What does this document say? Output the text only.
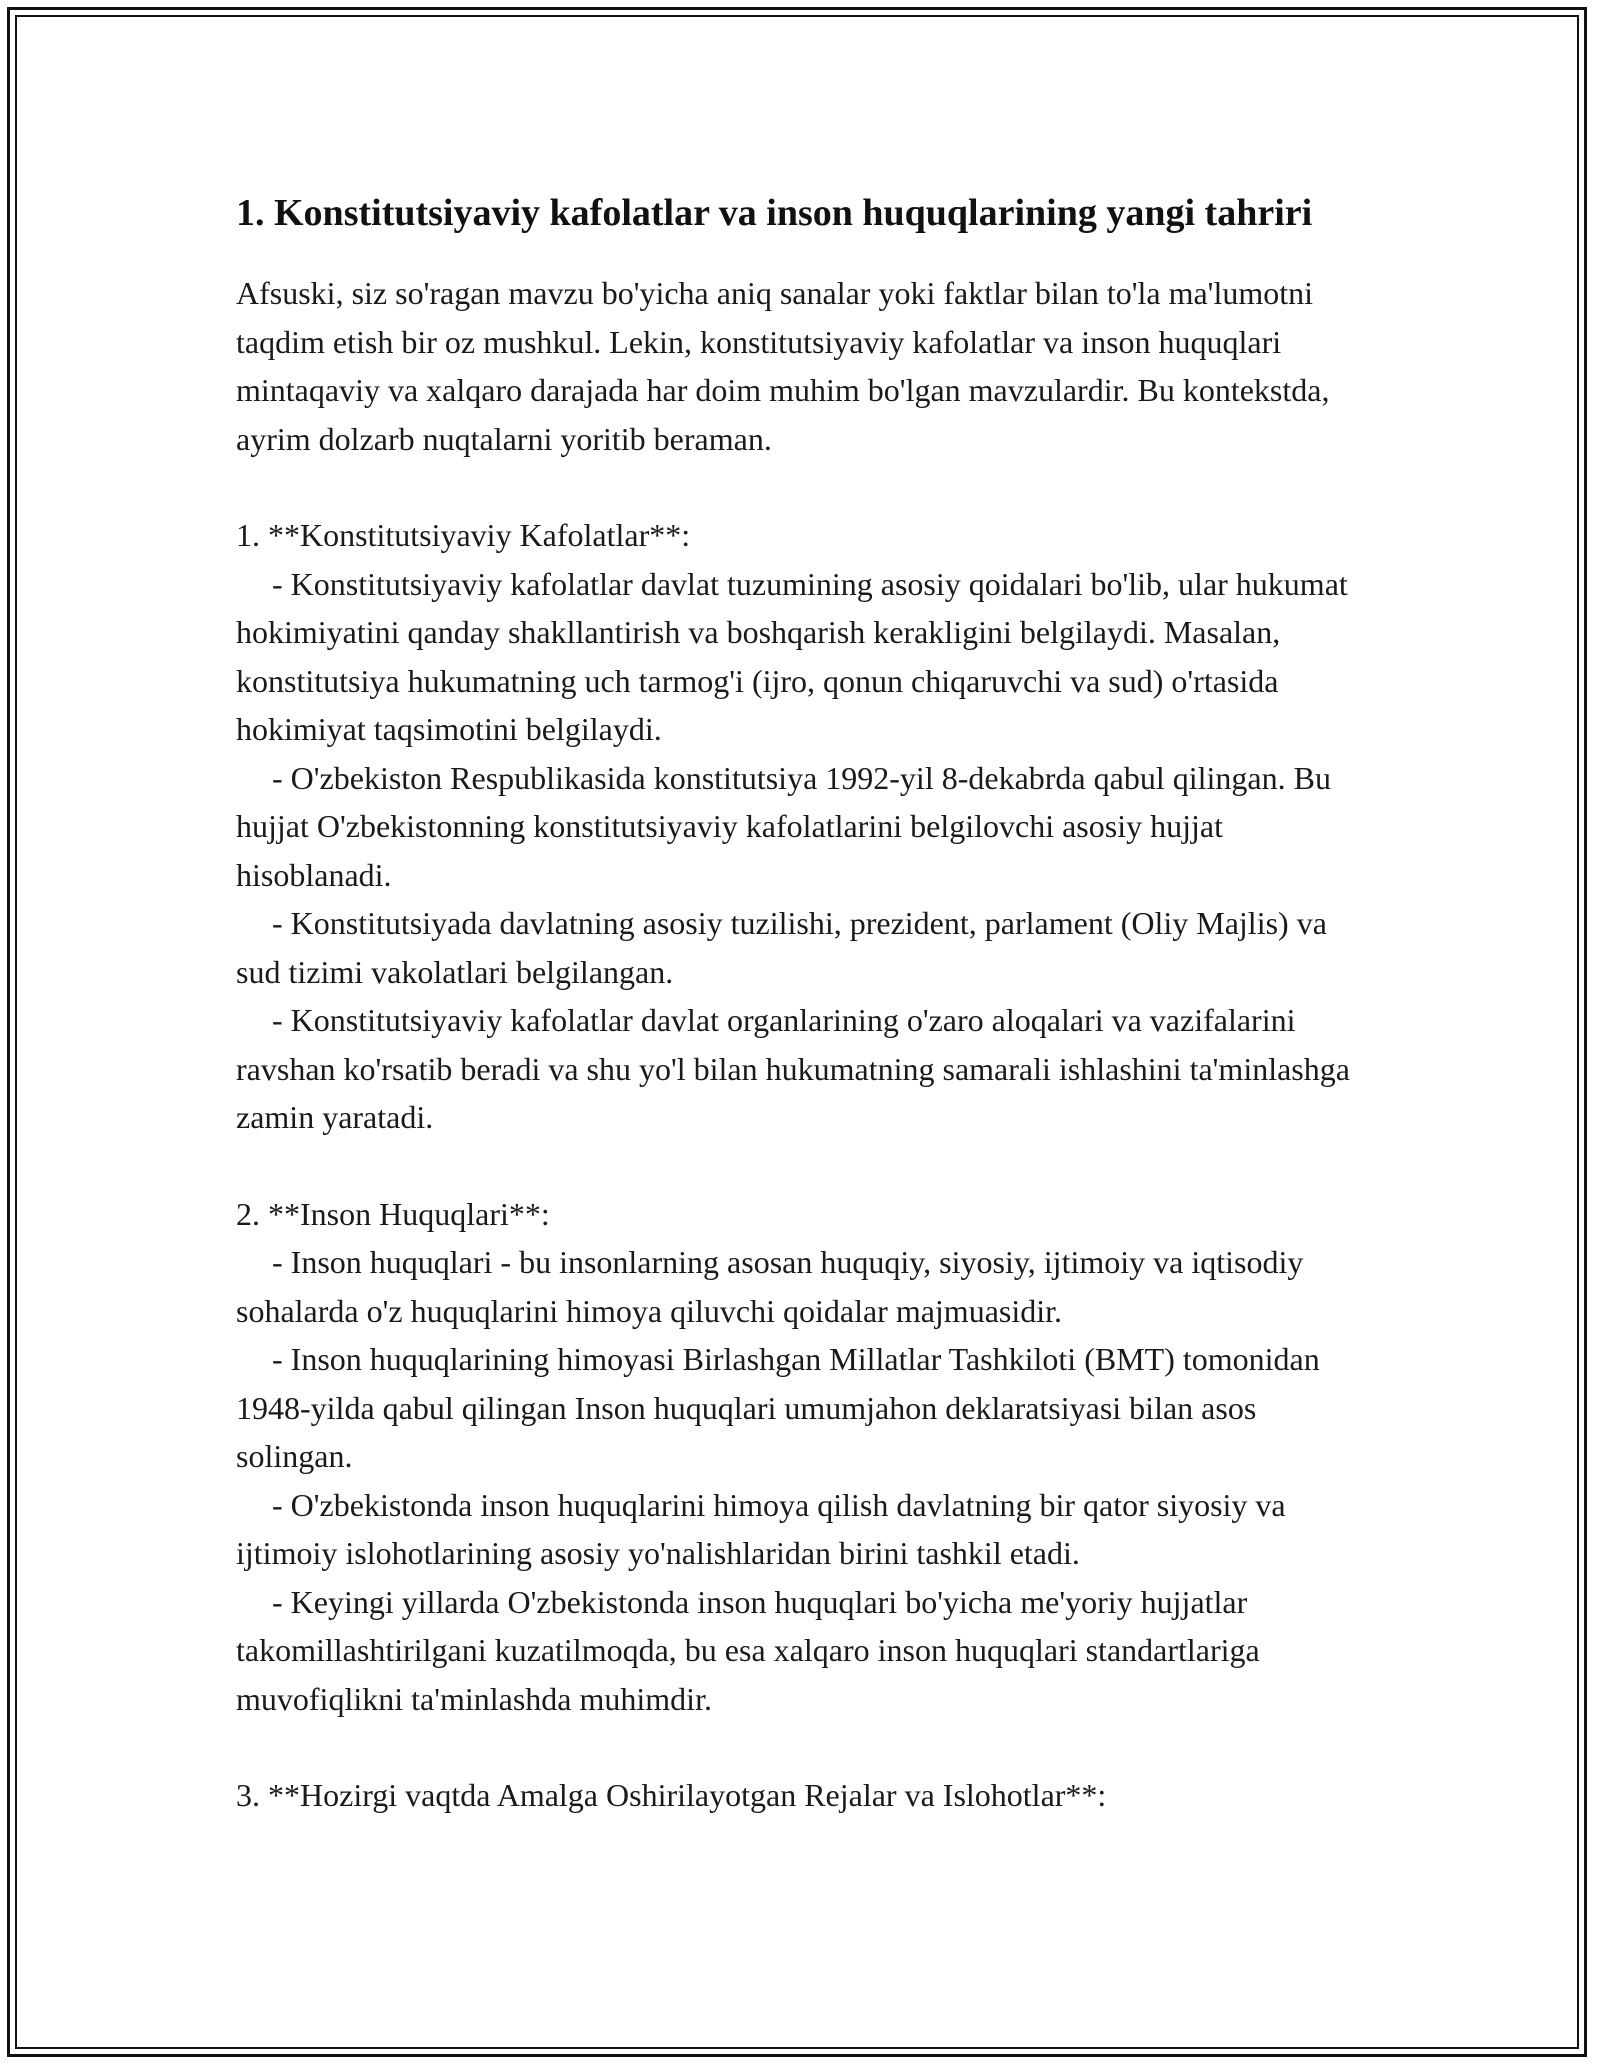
1. Konstitutsiyaviy kafolatlar va inson huquqlarining yangi tahriri

Afsuski, siz so'ragan mavzu bo'yicha aniq sanalar yoki faktlar bilan to'la ma'lumotni taqdim etish bir oz mushkul. Lekin, konstitutsiyaviy kafolatlar va inson huquqlari mintaqaviy va xalqaro darajada har doim muhim bo'lgan mavzulardir. Bu kontekstda, ayrim dolzarb nuqtalarni yoritib beraman.

1. **Konstitutsiyaviy Kafolatlar**:
- Konstitutsiyaviy kafolatlar davlat tuzumining asosiy qoidalari bo'lib, ular hukumat hokimiyatini qanday shakllantirish va boshqarish kerakligini belgilaydi. Masalan, konstitutsiya hukumatning uch tarmog'i (ijro, qonun chiqaruvchi va sud) o'rtasida hokimiyat taqsimotini belgilaydi.
- O'zbekiston Respublikasida konstitutsiya 1992-yil 8-dekabrda qabul qilingan. Bu hujjat O'zbekistonning konstitutsiyaviy kafolatlarini belgilovchi asosiy hujjat hisoblanadi.
- Konstitutsiyada davlatning asosiy tuzilishi, prezident, parlament (Oliy Majlis) va sud tizimi vakolatlari belgilangan.
- Konstitutsiyaviy kafolatlar davlat organlarining o'zaro aloqalari va vazifalarini ravshan ko'rsatib beradi va shu yo'l bilan hukumatning samarali ishlashini ta'minlashga zamin yaratadi.
2. **Inson Huquqlari**:
- Inson huquqlari - bu insonlarning asosan huquqiy, siyosiy, ijtimoiy va iqtisodiy sohalarda o'z huquqlarini himoya qiluvchi qoidalar majmuasidir.
- Inson huquqlarining himoyasi Birlashgan Millatlar Tashkiloti (BMT) tomonidan 1948-yilda qabul qilingan Inson huquqlari umumjahon deklaratsiyasi bilan asos solingan.
- O'zbekistonda inson huquqlarini himoya qilish davlatning bir qator siyosiy va ijtimoiy islohotlarining asosiy yo'nalishlaridan birini tashkil etadi.
- Keyingi yillarda O'zbekistonda inson huquqlari bo'yicha me'yoriy hujjatlar takomillashtirilgani kuzatilmoqda, bu esa xalqaro inson huquqlari standartlariga muvofiqlikni ta'minlashda muhimdir.
3. **Hozirgi vaqtda Amalga Oshirilayotgan Rejalar va Islohotlar**:
